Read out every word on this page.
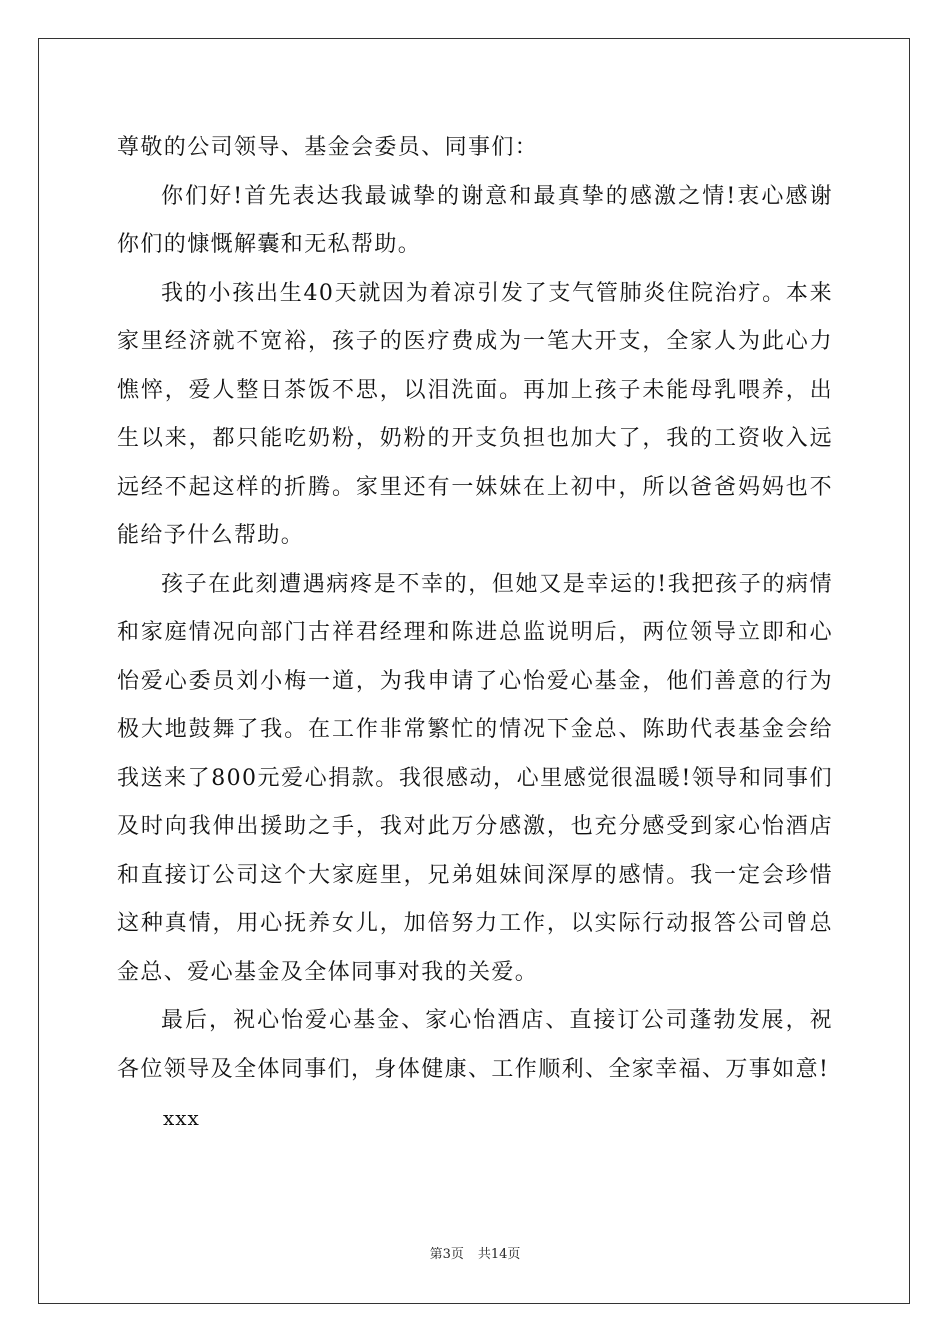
尊敬的公司领导、基金会委员、同事们：

你们好!首先表达我最诚挚的谢意和最真挚的感激之情!衷心感谢你们的慷慨解囊和无私帮助。

我的小孩出生40天就因为着凉引发了支气管肺炎住院治疗。本来家里经济就不宽裕，孩子的医疗费成为一笔大开支，全家人为此心力憔悴，爱人整日茶饭不思，以泪洗面。再加上孩子未能母乳喂养，出生以来，都只能吃奶粉，奶粉的开支负担也加大了，我的工资收入远远经不起这样的折腾。家里还有一妹妹在上初中，所以爸爸妈妈也不能给予什么帮助。

孩子在此刻遭遇病疼是不幸的，但她又是幸运的!我把孩子的病情和家庭情况向部门古祥君经理和陈进总监说明后，两位领导立即和心怡爱心委员刘小梅一道，为我申请了心怡爱心基金，他们善意的行为极大地鼓舞了我。在工作非常繁忙的情况下金总、陈助代表基金会给我送来了800元爱心捐款。我很感动，心里感觉很温暖!领导和同事们及时向我伸出援助之手，我对此万分感激，也充分感受到家心怡酒店和直接订公司这个大家庭里，兄弟姐妹间深厚的感情。我一定会珍惜这种真情，用心抚养女儿，加倍努力工作，以实际行动报答公司曾总金总、爱心基金及全体同事对我的关爱。

最后，祝心怡爱心基金、家心怡酒店、直接订公司蓬勃发展，祝各位领导及全体同事们，身体健康、工作顺利、全家幸福、万事如意!

xxx

第3页 共14页
